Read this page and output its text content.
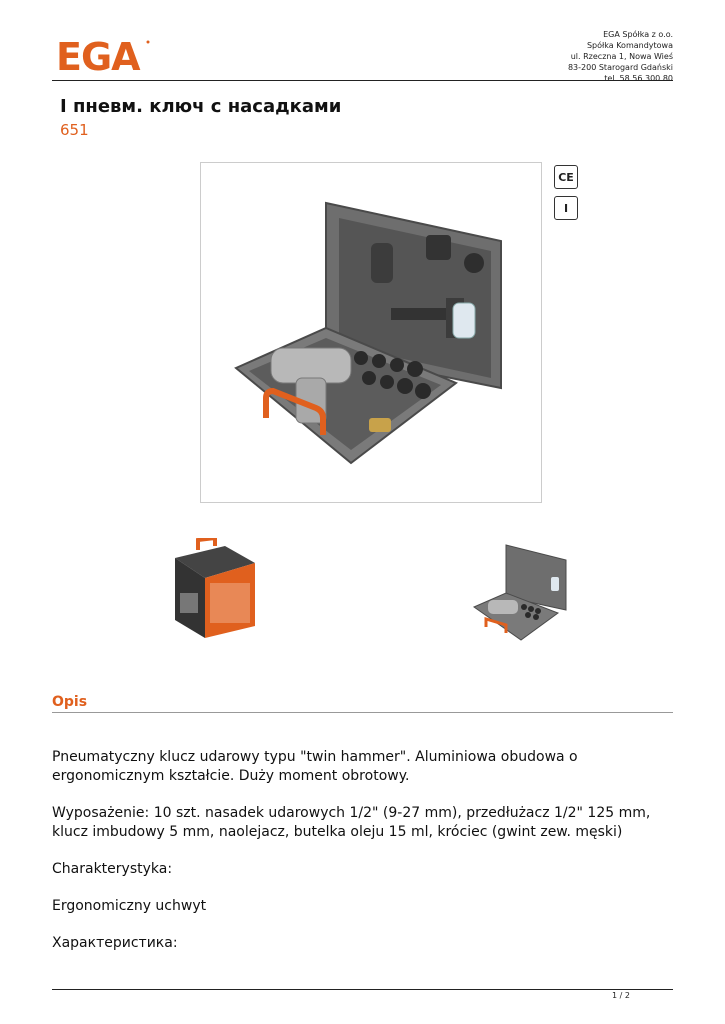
EGA
EGA Spółka z o.o.
Spółka Komandytowa
ul. Rzeczna 1, Nowa Wieś
83-200 Starogard Gdański
tel. 58 56 300 80
I пневм. ключ с насадками
651
CE
I
Opis

Pneumatyczny klucz udarowy typu "twin hammer". Aluminiowa obudowa o ergonomicznym kształcie. Duży moment obrotowy.

Wyposażenie: 10 szt. nasadek udarowych 1/2" (9-27 mm), przedłużacz 1/2" 125 mm, klucz imbudowy 5 mm, naolejacz, butelka oleju 15 ml, króciec (gwint zew. męski)

Charakterystyka:

Ergonomiczny uchwyt

Характеристика:

1 / 2
